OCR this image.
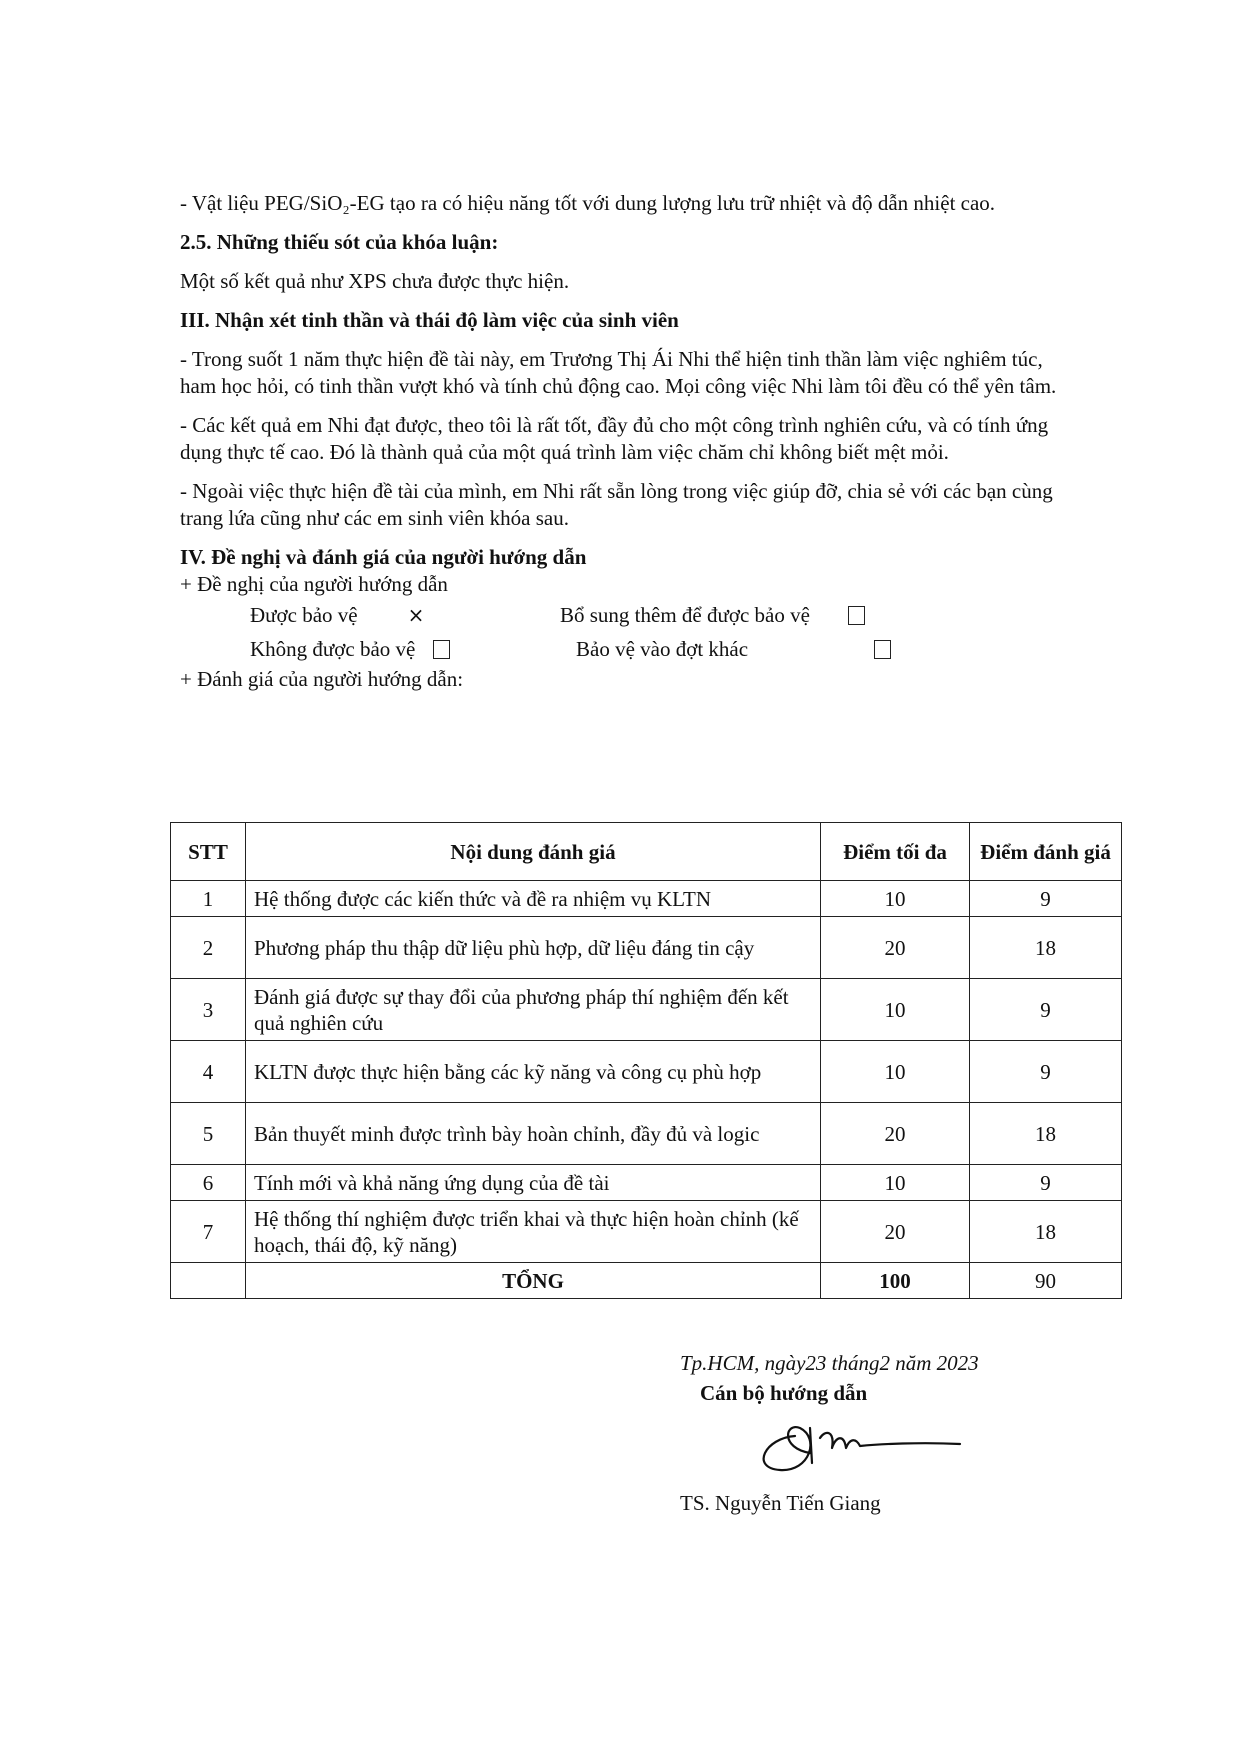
- Vật liệu PEG/SiO₂-EG tạo ra có hiệu năng tốt với dung lượng lưu trữ nhiệt và độ dẫn nhiệt cao.

2.5. Những thiếu sót của khóa luận:

Một số kết quả như XPS chưa được thực hiện.

III. Nhận xét tinh thần và thái độ làm việc của sinh viên

- Trong suốt 1 năm thực hiện đề tài này, em Trương Thị Ái Nhi thể hiện tinh thần làm việc nghiêm túc, ham học hỏi, có tinh thần vượt khó và tính chủ động cao. Mọi công việc Nhi làm tôi đều có thể yên tâm.

- Các kết quả em Nhi đạt được, theo tôi là rất tốt, đầy đủ cho một công trình nghiên cứu, và có tính ứng dụng thực tế cao. Đó là thành quả của một quá trình làm việc chăm chỉ không biết mệt mỏi.

- Ngoài việc thực hiện đề tài của mình, em Nhi rất sẵn lòng trong việc giúp đỡ, chia sẻ với các bạn cùng trang lứa cũng như các em sinh viên khóa sau.

IV. Đề nghị và đánh giá của người hướng dẫn

+ Đề nghị của người hướng dẫn

Được bảo vệ	×	Bổ sung thêm để được bảo vệ
Không được bảo vệ	Bảo vệ vào đợt khác

+ Đánh giá của người hướng dẫn:

STT	Nội dung đánh giá	Điểm tối đa	Điểm đánh giá
1	Hệ thống được các kiến thức và đề ra nhiệm vụ KLTN	10	9
2	Phương pháp thu thập dữ liệu phù hợp, dữ liệu đáng tin cậy	20	18
3	Đánh giá được sự thay đổi của phương pháp thí nghiệm đến kết quả nghiên cứu	10	9
4	KLTN được thực hiện bằng các kỹ năng và công cụ phù hợp	10	9
5	Bản thuyết minh được trình bày hoàn chỉnh, đầy đủ và logic	20	18
6	Tính mới và khả năng ứng dụng của đề tài	10	9
7	Hệ thống thí nghiệm được triển khai và thực hiện hoàn chỉnh (kế hoạch, thái độ, kỹ năng)	20	18
	TỔNG	100	90

Tp.HCM, ngày23 tháng2 năm 2023

Cán bộ hướng dẫn

TS. Nguyễn Tiến Giang
